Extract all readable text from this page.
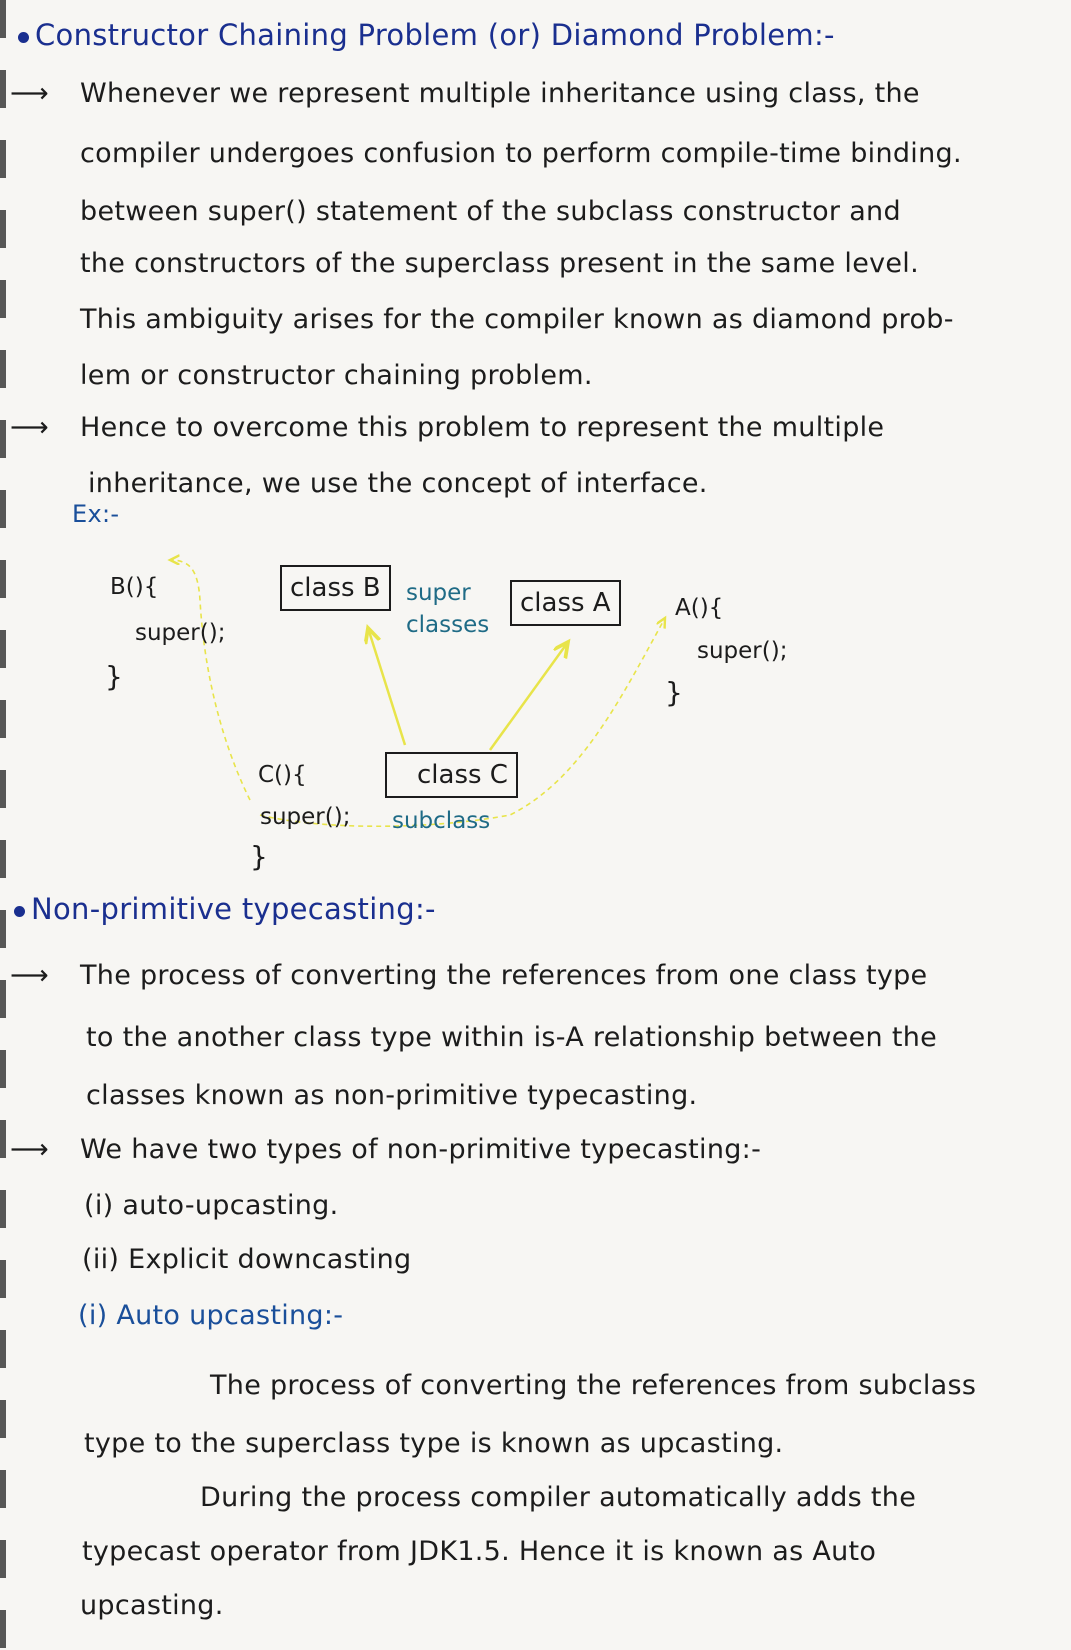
Constructor Chaining Problem (or) Diamond Problem:-
⟶ Whenever we represent multiple inheritance using class, the
compiler undergoes confusion to perform compile-time binding.
between super() statement of the subclass constructor and
the constructors of the superclass present in the same level.
This ambiguity arises for the compiler known as diamond prob-
lem or constructor chaining problem.
⟶ Hence to overcome this problem to represent the multiple
inheritance, we use the concept of interface.
Ex:-
B(){
super();
}
class B	super
classes
class A	A(){
super();
}
C(){
super();
}
class C
subclass
Non-primitive typecasting:-
⟶ The process of converting the references from one class type
to the another class type within is-A relationship between the
classes known as non-primitive typecasting.
⟶ We have two types of non-primitive typecasting:-
(i) auto-upcasting.
(ii) Explicit downcasting
(i) Auto upcasting:-
The process of converting the references from subclass
type to the superclass type is known as upcasting.
During the process compiler automatically adds the
typecast operator from JDK1.5. Hence it is known as Auto
upcasting.
